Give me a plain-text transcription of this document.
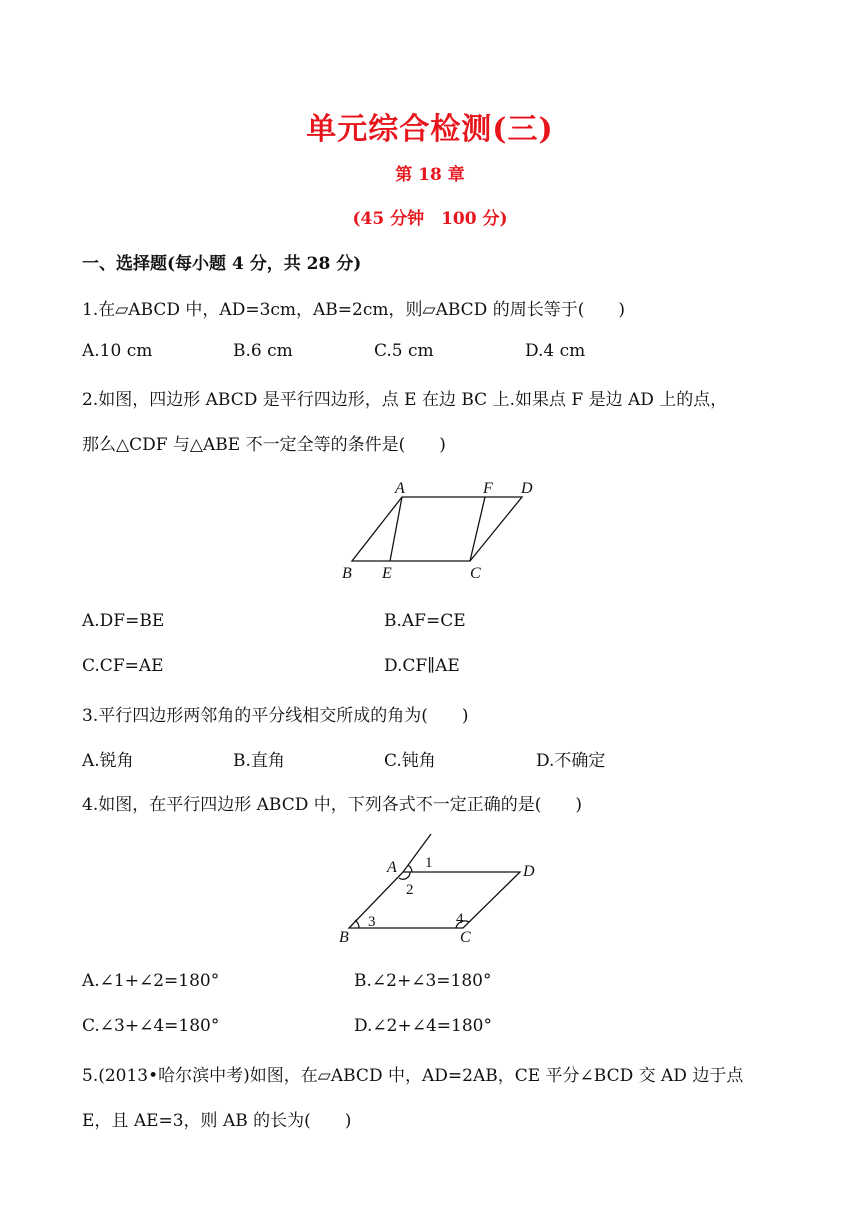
单元综合检测(三)
第 18 章
(45 分钟　100 分)
一、选择题(每小题 4 分，共 28 分)
1.在▱ABCD 中，AD=3cm，AB=2cm，则▱ABCD 的周长等于(　　)
A.10 cm	B.6 cm	C.5 cm	D.4 cm
2.如图，四边形 ABCD 是平行四边形，点 E 在边 BC 上.如果点 F 是边 AD 上的点，
那么△CDF 与△ABE 不一定全等的条件是(　　)
A	F D
B E	C
A.DF=BE	B.AF=CE
C.CF=AE	D.CF∥AE
3.平行四边形两邻角的平分线相交所成的角为(　　)
A.锐角	B.直角	C.钝角	D.不确定
4.如图，在平行四边形 ABCD 中，下列各式不一定正确的是(　　)
A	D
B	C
1
2
3	4
A.∠1+∠2=180°	B.∠2+∠3=180°
C.∠3+∠4=180°	D.∠2+∠4=180°
5.(2013•哈尔滨中考)如图，在▱ABCD 中，AD=2AB，CE 平分∠BCD 交 AD 边于点
E，且 AE=3，则 AB 的长为(　　)
